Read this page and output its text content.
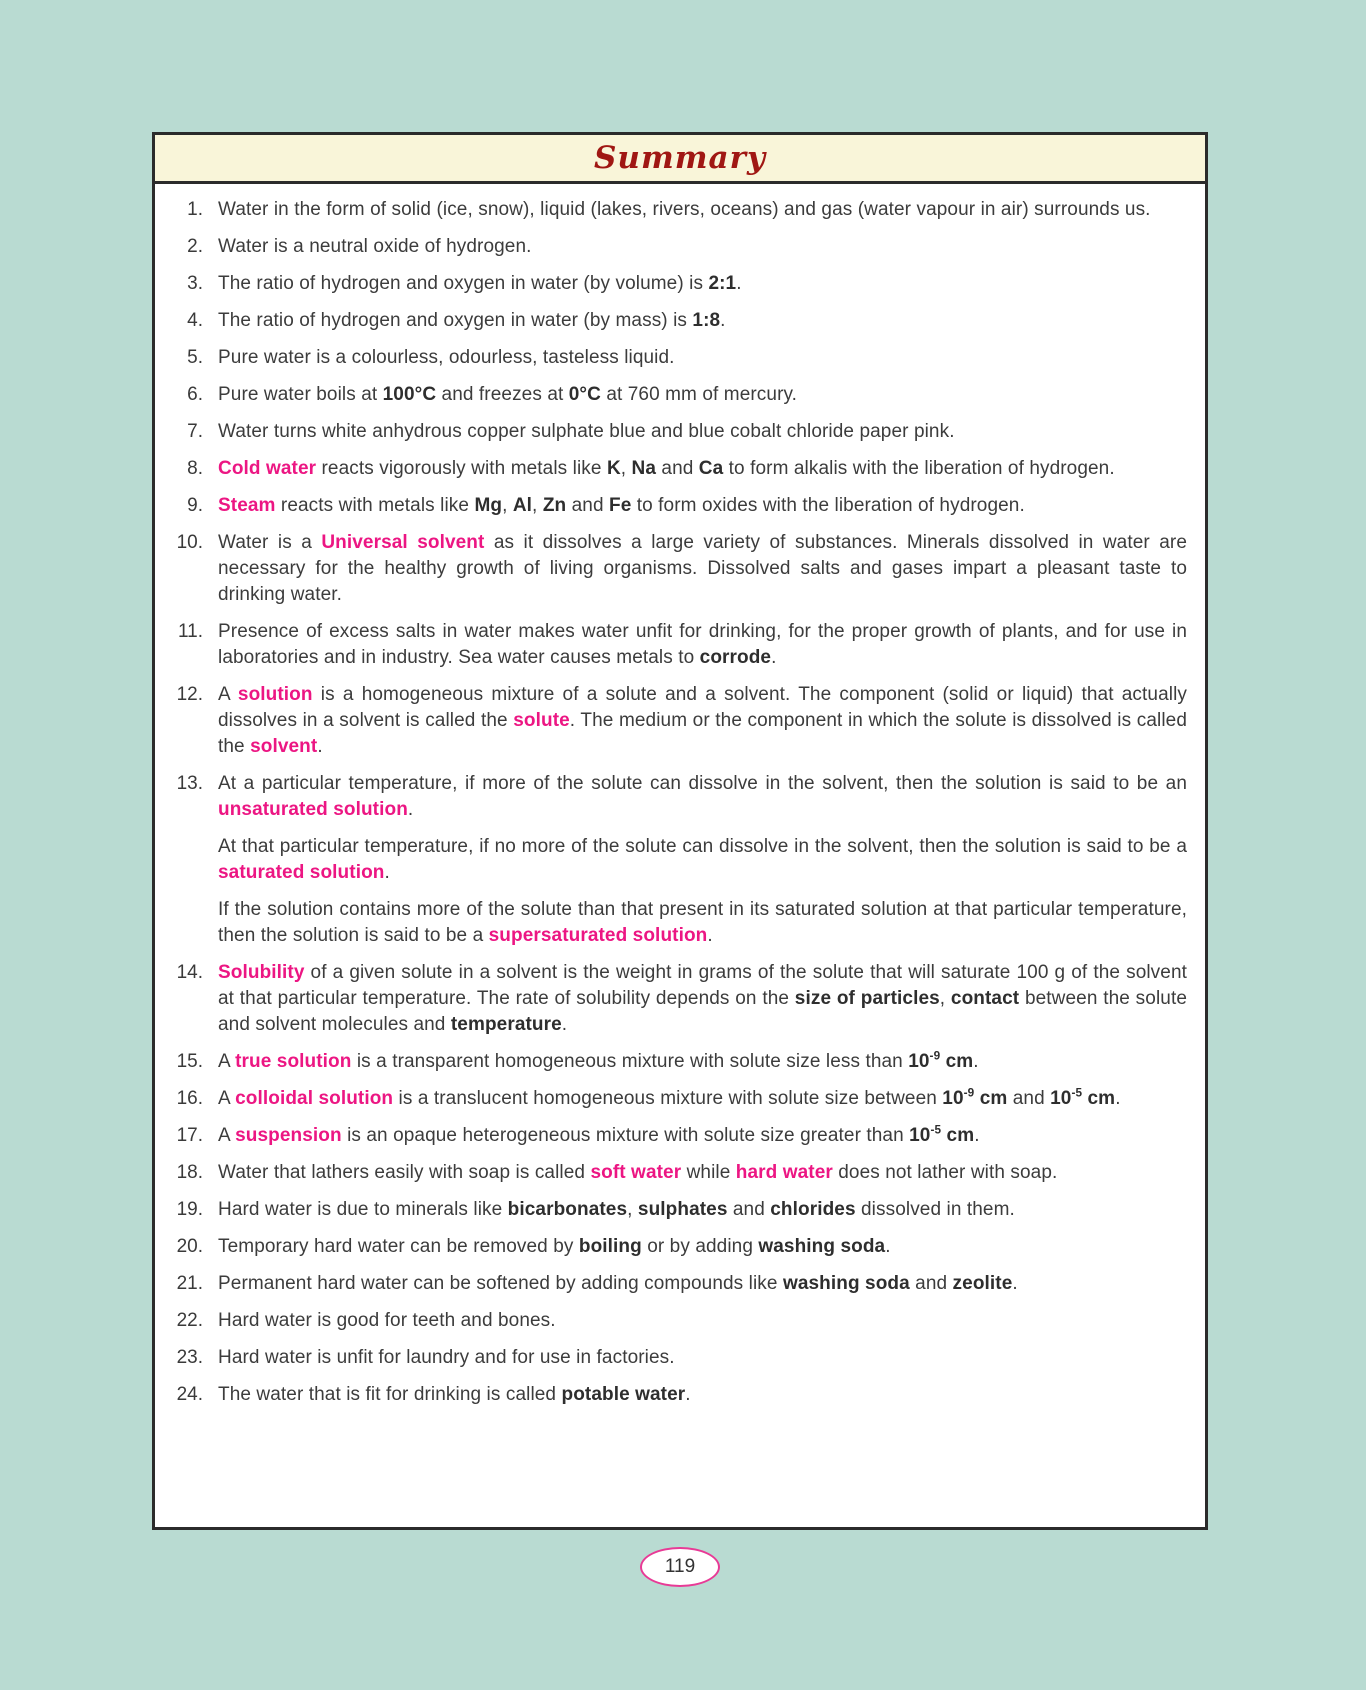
Summary
1. Water in the form of solid (ice, snow), liquid (lakes, rivers, oceans) and gas (water vapour in air) surrounds us.

2. Water is a neutral oxide of hydrogen.

3. The ratio of hydrogen and oxygen in water (by volume) is 2:1.

4. The ratio of hydrogen and oxygen in water (by mass) is 1:8.

5. Pure water is a colourless, odourless, tasteless liquid.

6. Pure water boils at 100°C and freezes at 0°C at 760 mm of mercury.

7. Water turns white anhydrous copper sulphate blue and blue cobalt chloride paper pink.

8. Cold water reacts vigorously with metals like K, Na and Ca to form alkalis with the liberation of hydrogen.

9. Steam reacts with metals like Mg, Al, Zn and Fe to form oxides with the liberation of hydrogen.

10. Water is a Universal solvent as it dissolves a large variety of substances. Minerals dissolved in water are necessary for the healthy growth of living organisms. Dissolved salts and gases impart a pleasant taste to drinking water.

11. Presence of excess salts in water makes water unfit for drinking, for the proper growth of plants, and for use in laboratories and in industry. Sea water causes metals to corrode.

12. A solution is a homogeneous mixture of a solute and a solvent. The component (solid or liquid) that actually dissolves in a solvent is called the solute. The medium or the component in which the solute is dissolved is called the solvent.

13. At a particular temperature, if more of the solute can dissolve in the solvent, then the solution is said to be an unsaturated solution.

At that particular temperature, if no more of the solute can dissolve in the solvent, then the solution is said to be a saturated solution.

If the solution contains more of the solute than that present in its saturated solution at that particular temperature, then the solution is said to be a supersaturated solution.

14. Solubility of a given solute in a solvent is the weight in grams of the solute that will saturate 100 g of the solvent at that particular temperature. The rate of solubility depends on the size of particles, contact between the solute and solvent molecules and temperature.

15. A true solution is a transparent homogeneous mixture with solute size less than $10^{-9}$ cm.

16. A colloidal solution is a translucent homogeneous mixture with solute size between $10^{-9}$ cm and $10^{-5}$ cm.

17. A suspension is an opaque heterogeneous mixture with solute size greater than $10^{-5}$ cm.

18. Water that lathers easily with soap is called soft water while hard water does not lather with soap.

19. Hard water is due to minerals like bicarbonates, sulphates and chlorides dissolved in them.

20. Temporary hard water can be removed by boiling or by adding washing soda.

21. Permanent hard water can be softened by adding compounds like washing soda and zeolite.

22. Hard water is good for teeth and bones.

23. Hard water is unfit for laundry and for use in factories.

24. The water that is fit for drinking is called potable water.

119
